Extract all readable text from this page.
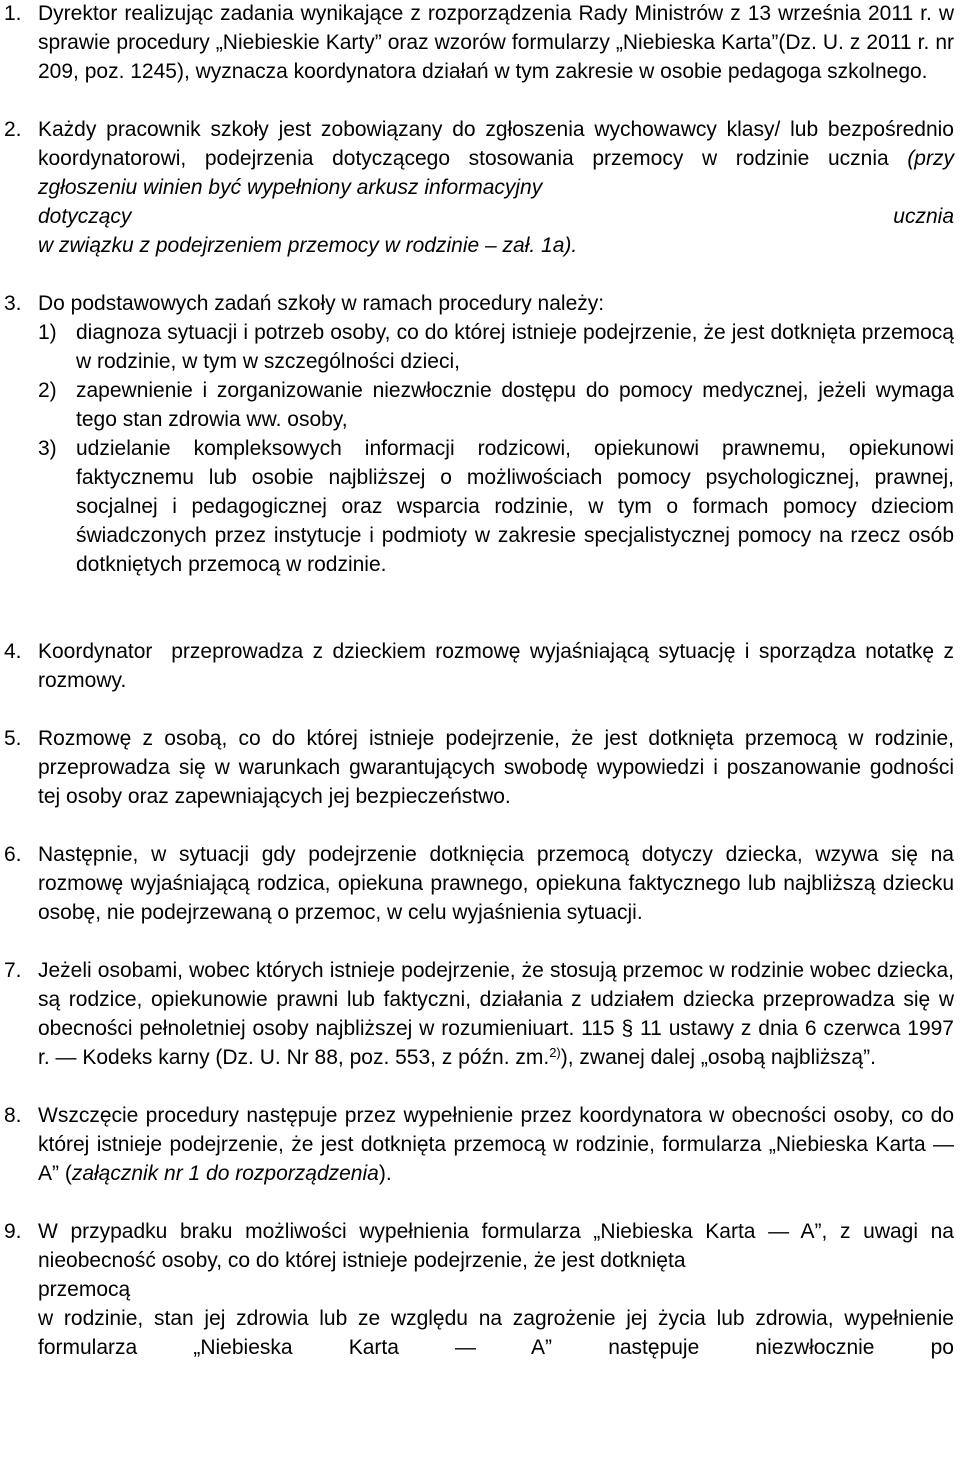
1. Dyrektor realizując zadania wynikające z rozporządzenia Rady Ministrów z 13 września 2011 r. w sprawie procedury „Niebieskie Karty” oraz wzorów formularzy „Niebieska Karta”(Dz. U. z 2011 r. nr 209, poz. 1245), wyznacza koordynatora działań w tym zakresie w osobie pedagoga szkolnego.

2. Każdy pracownik szkoły jest zobowiązany do zgłoszenia wychowawcy klasy/ lub bezpośrednio koordynatorowi, podejrzenia dotyczącego stosowania przemocy w rodzinie ucznia (przy zgłoszeniu winien być wypełniony arkusz informacyjny

dotyczący	ucznia

w związku z podejrzeniem przemocy w rodzinie – zał. 1a).

3. Do podstawowych zadań szkoły w ramach procedury należy:

1) diagnoza sytuacji i potrzeb osoby, co do której istnieje podejrzenie, że jest dotknięta przemocą w rodzinie, w tym w szczególności dzieci,

2) zapewnienie i zorganizowanie niezwłocznie dostępu do pomocy medycznej, jeżeli wymaga tego stan zdrowia ww. osoby,

3) udzielanie kompleksowych informacji rodzicowi, opiekunowi prawnemu, opiekunowi faktycznemu lub osobie najbliższej o możliwościach pomocy psychologicznej, prawnej, socjalnej i pedagogicznej oraz wsparcia rodzinie, w tym o formach pomocy dzieciom świadczonych przez instytucje i podmioty w zakresie specjalistycznej pomocy na rzecz osób dotkniętych przemocą w rodzinie.

4. Koordynator  przeprowadza z dzieckiem rozmowę wyjaśniającą sytuację i sporządza notatkę z rozmowy.

5. Rozmowę z osobą, co do której istnieje podejrzenie, że jest dotknięta przemocą w rodzinie, przeprowadza się w warunkach gwarantujących swobodę wypowiedzi i poszanowanie godności tej osoby oraz zapewniających jej bezpieczeństwo.

6. Następnie, w sytuacji gdy podejrzenie dotknięcia przemocą dotyczy dziecka, wzywa się na rozmowę wyjaśniającą rodzica, opiekuna prawnego, opiekuna faktycznego lub najbliższą dziecku osobę, nie podejrzewaną o przemoc, w celu wyjaśnienia sytuacji.

7. Jeżeli osobami, wobec których istnieje podejrzenie, że stosują przemoc w rodzinie wobec dziecka, są rodzice, opiekunowie prawni lub faktyczni, działania z udziałem dziecka przeprowadza się w obecności pełnoletniej osoby najbliższej w rozumieniuart. 115 § 11 ustawy z dnia 6 czerwca 1997 r. — Kodeks karny (Dz. U. Nr 88, poz. 553, z późn. zm.$^{2)}$), zwanej dalej „osobą najbliższą”.

8. Wszczęcie procedury następuje przez wypełnienie przez koordynatora w obecności osoby, co do której istnieje podejrzenie, że jest dotknięta przemocą w rodzinie, formularza „Niebieska Karta — A” (załącznik nr 1 do rozporządzenia).

9. W przypadku braku możliwości wypełnienia formularza „Niebieska Karta — A”, z uwagi na nieobecność osoby, co do której istnieje podejrzenie, że jest dotknięta

przemocą

w rodzinie, stan jej zdrowia lub ze względu na zagrożenie jej życia lub zdrowia, wypełnienie formularza „Niebieska Karta — A” następuje niezwłocznie po
